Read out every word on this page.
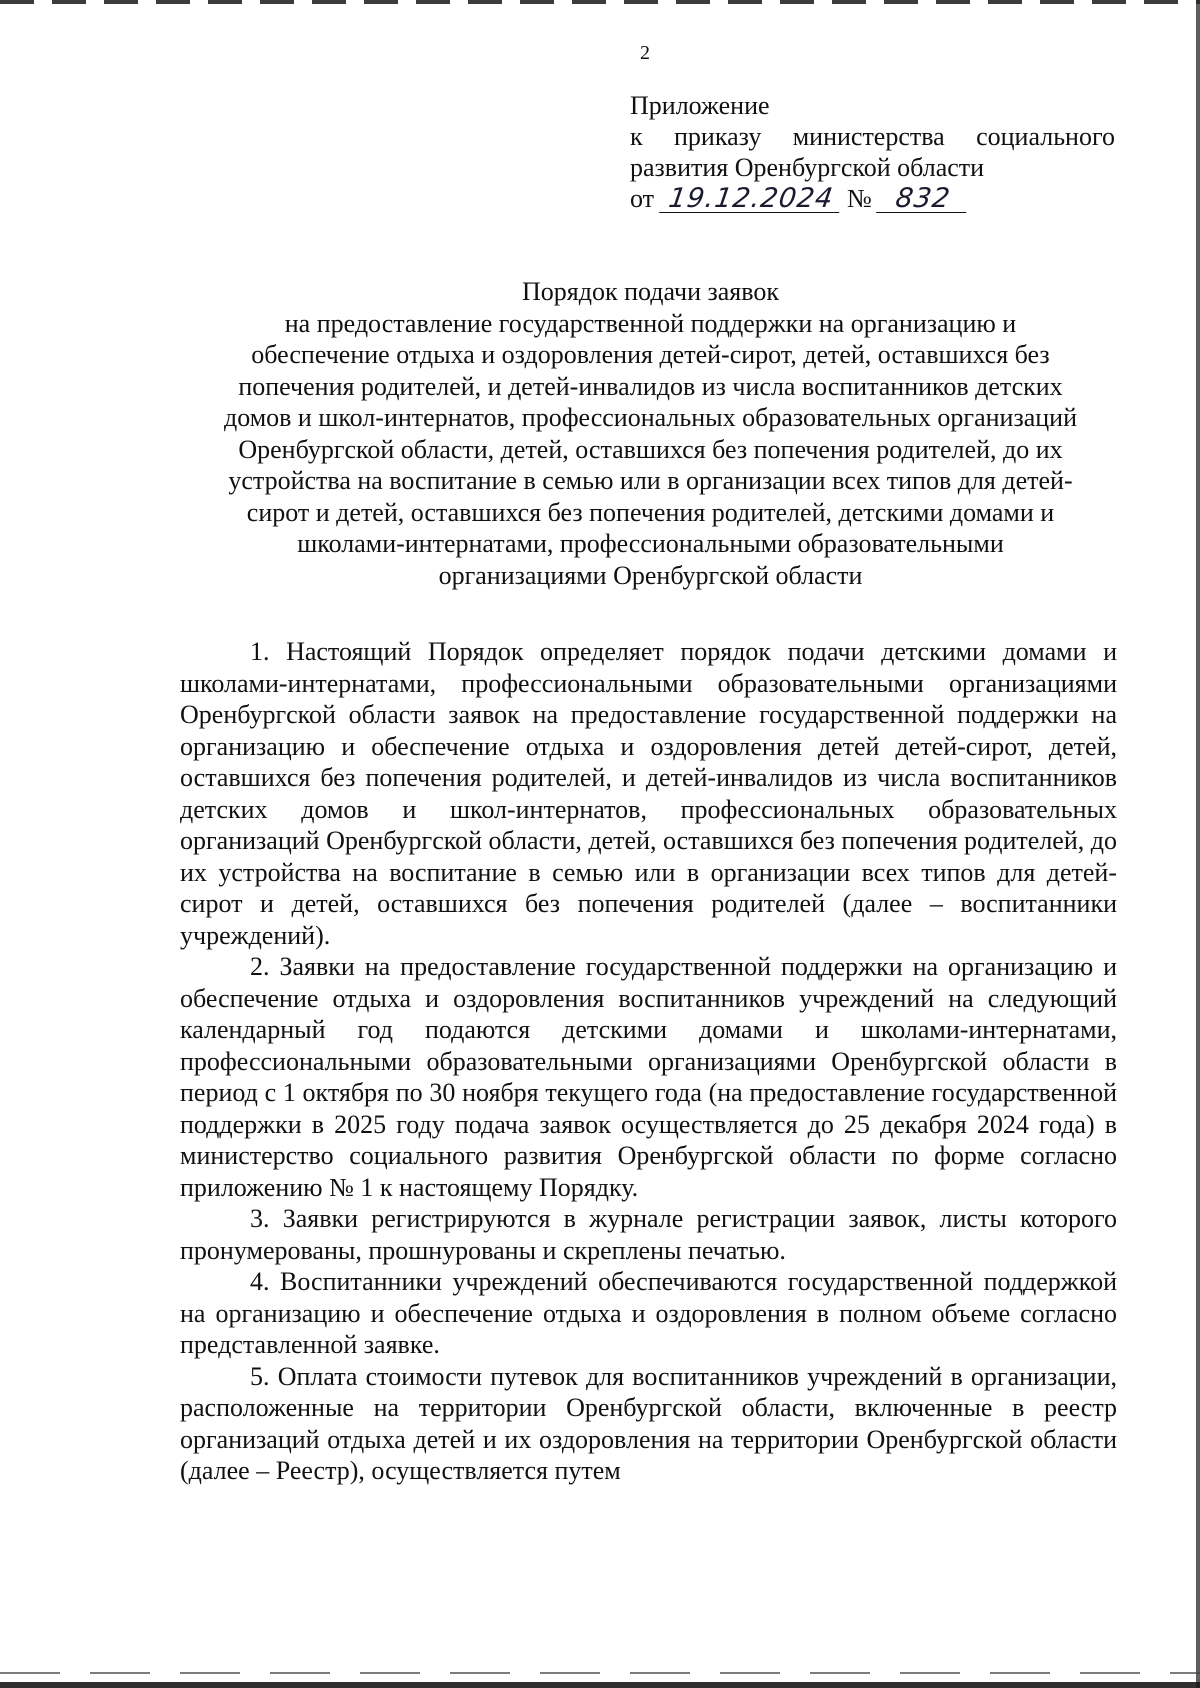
2
Приложение
к приказу министерства социального
развития Оренбургской области
от 19.12.2024 № 832
Порядок подачи заявок
на предоставление государственной поддержки на организацию и
обеспечение отдыха и оздоровления детей-сирот, детей, оставшихся без
попечения родителей, и детей-инвалидов из числа воспитанников детских
домов и школ-интернатов, профессиональных образовательных организаций
Оренбургской области, детей, оставшихся без попечения родителей, до их
устройства на воспитание в семью или в организации всех типов для детей-
сирот и детей, оставшихся без попечения родителей, детскими домами и
школами-интернатами, профессиональными образовательными
организациями Оренбургской области

1. Настоящий Порядок определяет порядок подачи детскими домами и школами-интернатами, профессиональными образовательными организациями Оренбургской области заявок на предоставление государственной поддержки на организацию и обеспечение отдыха и оздоровления детей детей-сирот, детей, оставшихся без попечения родителей, и детей-инвалидов из числа воспитанников детских домов и школ-интернатов, профессиональных образовательных организаций Оренбургской области, детей, оставшихся без попечения родителей, до их устройства на воспитание в семью или в организации всех типов для детей-сирот и детей, оставшихся без попечения родителей (далее – воспитанники учреждений).

2. Заявки на предоставление государственной поддержки на организацию и обеспечение отдыха и оздоровления воспитанников учреждений на следующий календарный год подаются детскими домами и школами-интернатами, профессиональными образовательными организациями Оренбургской области в период с 1 октября по 30 ноября текущего года (на предоставление государственной поддержки в 2025 году подача заявок осуществляется до 25 декабря 2024 года) в министерство социального развития Оренбургской области по форме согласно приложению № 1 к настоящему Порядку.

3. Заявки регистрируются в журнале регистрации заявок, листы которого пронумерованы, прошнурованы и скреплены печатью.

4. Воспитанники учреждений обеспечиваются государственной поддержкой на организацию и обеспечение отдыха и оздоровления в полном объеме согласно представленной заявке.

5. Оплата стоимости путевок для воспитанников учреждений в организации, расположенные на территории Оренбургской области, включенные в реестр организаций отдыха детей и их оздоровления на территории Оренбургской области (далее – Реестр), осуществляется путем
